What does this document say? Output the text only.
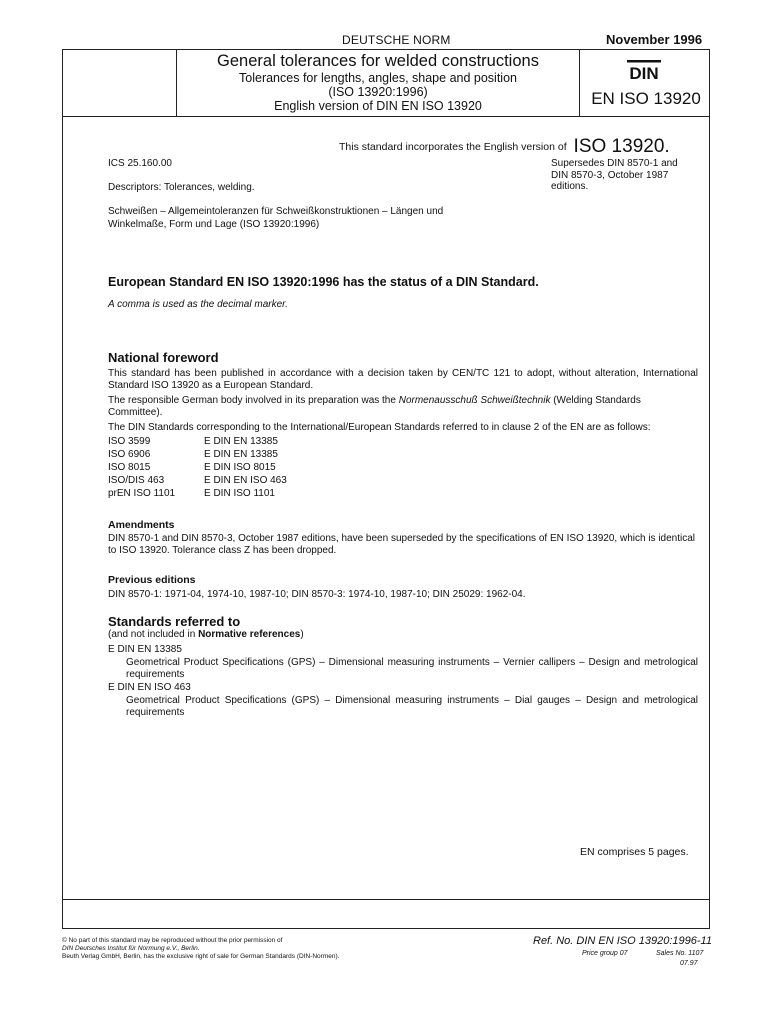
DEUTSCHE NORM	November 1996
General tolerances for welded constructions
Tolerances for lengths, angles, shape and position
(ISO 13920:1996)
English version of DIN EN ISO 13920
DIN
EN ISO 13920
This standard incorporates the English version of ISO 13920.
ICS 25.160.00	Supersedes DIN 8570-1 and
DIN 8570-3, October 1987
editions.
Descriptors: Tolerances, welding.
Schweißen – Allgemeintoleranzen für Schweißkonstruktionen – Längen und
Winkelmaße, Form und Lage (ISO 13920:1996)
European Standard EN ISO 13920:1996 has the status of a DIN Standard.
A comma is used as the decimal marker.
National foreword
This standard has been published in accordance with a decision taken by CEN/TC 121 to adopt, without alteration, International Standard ISO 13920 as a European Standard.
The responsible German body involved in its preparation was the Normenausschuß Schweißtechnik (Welding Standards Committee).
The DIN Standards corresponding to the International/European Standards referred to in clause 2 of the EN are as follows:
ISO 3599	E DIN EN 13385
ISO 6906	E DIN EN 13385
ISO 8015	E DIN ISO 8015
ISO/DIS 463	E DIN EN ISO 463
prEN ISO 1101	E DIN ISO 1101
Amendments
DIN 8570-1 and DIN 8570-3, October 1987 editions, have been superseded by the specifications of EN ISO 13920, which is identical to ISO 13920. Tolerance class Z has been dropped.
Previous editions
DIN 8570-1: 1971-04, 1974-10, 1987-10; DIN 8570-3: 1974-10, 1987-10; DIN 25029: 1962-04.
Standards referred to
(and not included in Normative references)
E DIN EN 13385
Geometrical Product Specifications (GPS) – Dimensional measuring instruments – Vernier callipers – Design and metrological requirements
E DIN EN ISO 463
Geometrical Product Specifications (GPS) – Dimensional measuring instruments – Dial gauges – Design and metrological requirements
EN comprises 5 pages.
© No part of this standard may be reproduced without the prior permission of
DIN Deutsches Institut für Normung e.V., Berlin.
Beuth Verlag GmbH, Berlin, has the exclusive right of sale for German Standards (DIN-Normen).
Ref. No. DIN EN ISO 13920:1996-11
Price group 07	Sales No. 1107
07.97
